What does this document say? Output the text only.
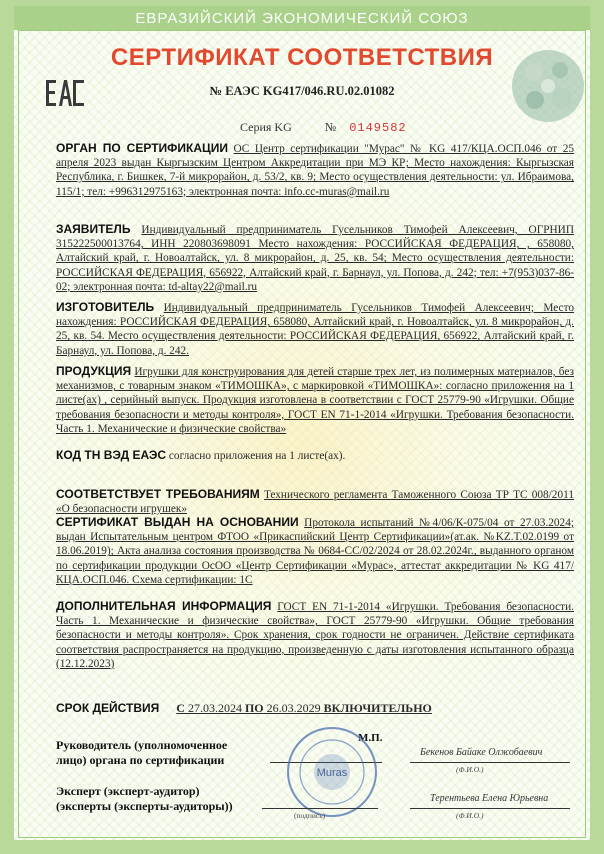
ЕВРАЗИЙСКИЙ ЭКОНОМИЧЕСКИЙ СОЮЗ
СЕРТИФИКАТ СООТВЕТСТВИЯ
№ ЕАЭС KG417/046.RU.02.01082
Серия KG	№ 0149582
ОРГАН ПО СЕРТИФИКАЦИИ ОС Центр сертификации "Мурас" № KG 417/КЦА.ОСП.046 от 25 апреля 2023 выдан Кыргызским Центром Аккредитации при МЭ КР; Место нахождения: Кыргызская Республика, г. Бишкек, 7-й микрорайон, д. 53/2, кв. 9; Место осуществления деятельности: ул. Ибраимова, 115/1; тел: +996312975163; электронная почта: info.cc-muras@mail.ru
ЗАЯВИТЕЛЬ Индивидуальный предприниматель Гусельников Тимофей Алексеевич, ОГРНИП 315222500013764, ИНН 220803698091 Место нахождения: РОССИЙСКАЯ ФЕДЕРАЦИЯ, , 658080, Алтайский край, г. Новоалтайск, ул. 8 микрорайон, д. 25, кв. 54; Место осуществления деятельности: РОССИЙСКАЯ ФЕДЕРАЦИЯ, 656922, Алтайский край, г. Барнаул, ул. Попова, д. 242; тел: +7(953)037-86-02; электронная почта: td-altay22@mail.ru
ИЗГОТОВИТЕЛЬ Индивидуальный предприниматель Гусельников Тимофей Алексеевич; Место нахождения: РОССИЙСКАЯ ФЕДЕРАЦИЯ, 658080, Алтайский край, г. Новоалтайск, ул. 8 микрорайон, д. 25, кв. 54. Место осуществления деятельности: РОССИЙСКАЯ ФЕДЕРАЦИЯ, 656922, Алтайский край, г. Барнаул, ул. Попова, д. 242.
ПРОДУКЦИЯ Игрушки для конструирования для детей старше трех лет, из полимерных материалов, без механизмов, с товарным знаком «ТИМОШКА», с маркировкой «ТИМОШКА»: согласно приложения на 1 листе(ах) , серийный выпуск. Продукция изготовлена в соответствии с ГОСТ 25779-90 «Игрушки. Общие требования безопасности и методы контроля», ГОСТ EN 71-1-2014 «Игрушки. Требования безопасности. Часть 1. Механические и физические свойства»
КОД ТН ВЭД ЕАЭС согласно приложения на 1 листе(ах).
СООТВЕТСТВУЕТ ТРЕБОВАНИЯМ Технического регламента Таможенного Союза ТР ТС 008/2011 «О безопасности игрушек»
СЕРТИФИКАТ ВЫДАН НА ОСНОВАНИИ Протокола испытаний №4/06/К-075/04 от 27.03.2024; выдан Испытательным центром ФТОО «Прикаспийский Центр Сертификации»(ат.ак. №KZ.T.02.0199 от 18.06.2019); Акта анализа состояния производства № 0684-СС/02/2024 от 28.02.2024г., выданного органом по сертификации продукции ОсОО «Центр Сертификации «Мурас», аттестат аккредитации № KG 417/КЦА.ОСП.046. Схема сертификации: 1С
ДОПОЛНИТЕЛЬНАЯ ИНФОРМАЦИЯ ГОСТ EN 71-1-2014 «Игрушки. Требования безопасности. Часть 1. Механические и физические свойства», ГОСТ 25779-90 «Игрушки. Общие требования безопасности и методы контроля». Срок хранения, срок годности не ограничен. Действие сертификата соответствия распространяется на продукцию, произведенную с даты изготовления испытанного образца (12.12.2023)
СРОК ДЕЙСТВИЯ С 27.03.2024 ПО 26.03.2029 ВКЛЮЧИТЕЛЬНО
Руководитель (уполномоченное
лицо) органа по сертификации
М.П.
Бекенов Байаке Олжобаевич
(Ф.И.О.)
Muras
Эксперт (эксперт-аудитор)
(эксперты (эксперты-аудиторы))
(подпись)
Терентьева Елена Юрьевна
(Ф.И.О.)
